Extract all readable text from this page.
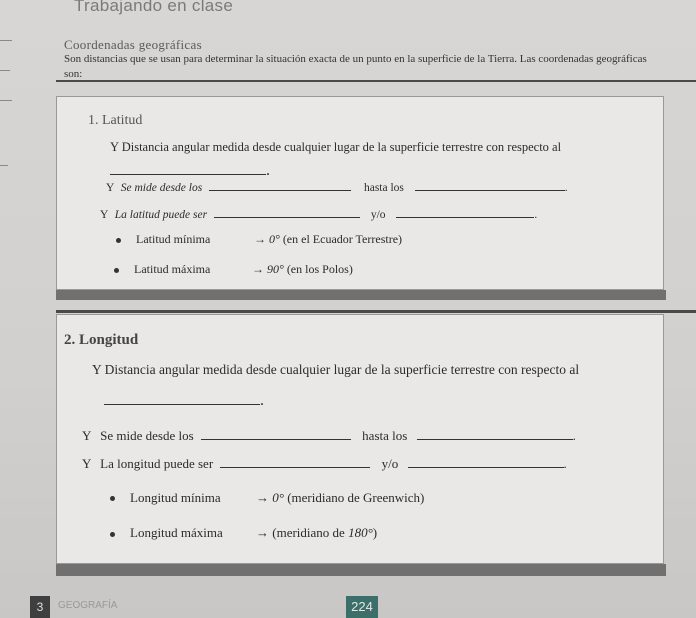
Trabajando en clase
Coordenadas geográficas
Son distancias que se usan para determinar la situación exacta de un punto en la superficie de la Tierra. Las coordenadas geográficas son:
1. Latitud
Y Distancia angular medida desde cualquier lugar de la superficie terrestre con respecto al
.
Y Se mide desde los	hasta los	.
Y La latitud puede ser	y/o	.
Latitud mínima	→ 0° (en el Ecuador Terrestre)
Latitud máxima	→ 90° (en los Polos)
2. Longitud
Y Distancia angular medida desde cualquier lugar de la superficie terrestre con respecto al
.
Y Se mide desde los	hasta los	.
Y La longitud puede ser	y/o	.
Longitud mínima	→ 0° (meridiano de Greenwich)
Longitud máxima	→ (meridiano de 180°)
3	GEOGRAFÍA	224
